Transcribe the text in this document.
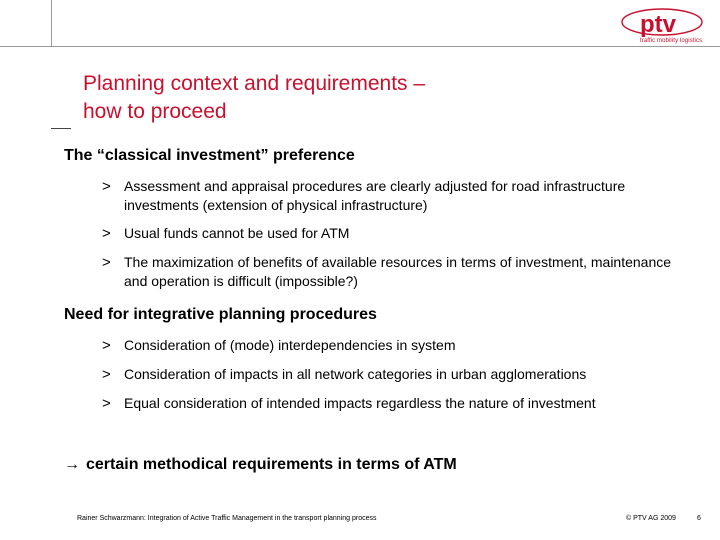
ptv
traffic mobility logistics
Planning context and requirements –
how to proceed
The “classical investment” preference
> Assessment and appraisal procedures are clearly adjusted for road infrastructure investments (extension of physical infrastructure)
> Usual funds cannot be used for ATM
> The maximization of benefits of available resources in terms of investment, maintenance and operation is difficult (impossible?)
Need for integrative planning procedures
> Consideration of (mode) interdependencies in system
> Consideration of impacts in all network categories in urban agglomerations
> Equal consideration of intended impacts regardless the nature of investment
→ certain methodical requirements in terms of ATM
Rainer Schwarzmann: Integration of Active Traffic Management in the transport planning process	© PTV AG 2009	6
